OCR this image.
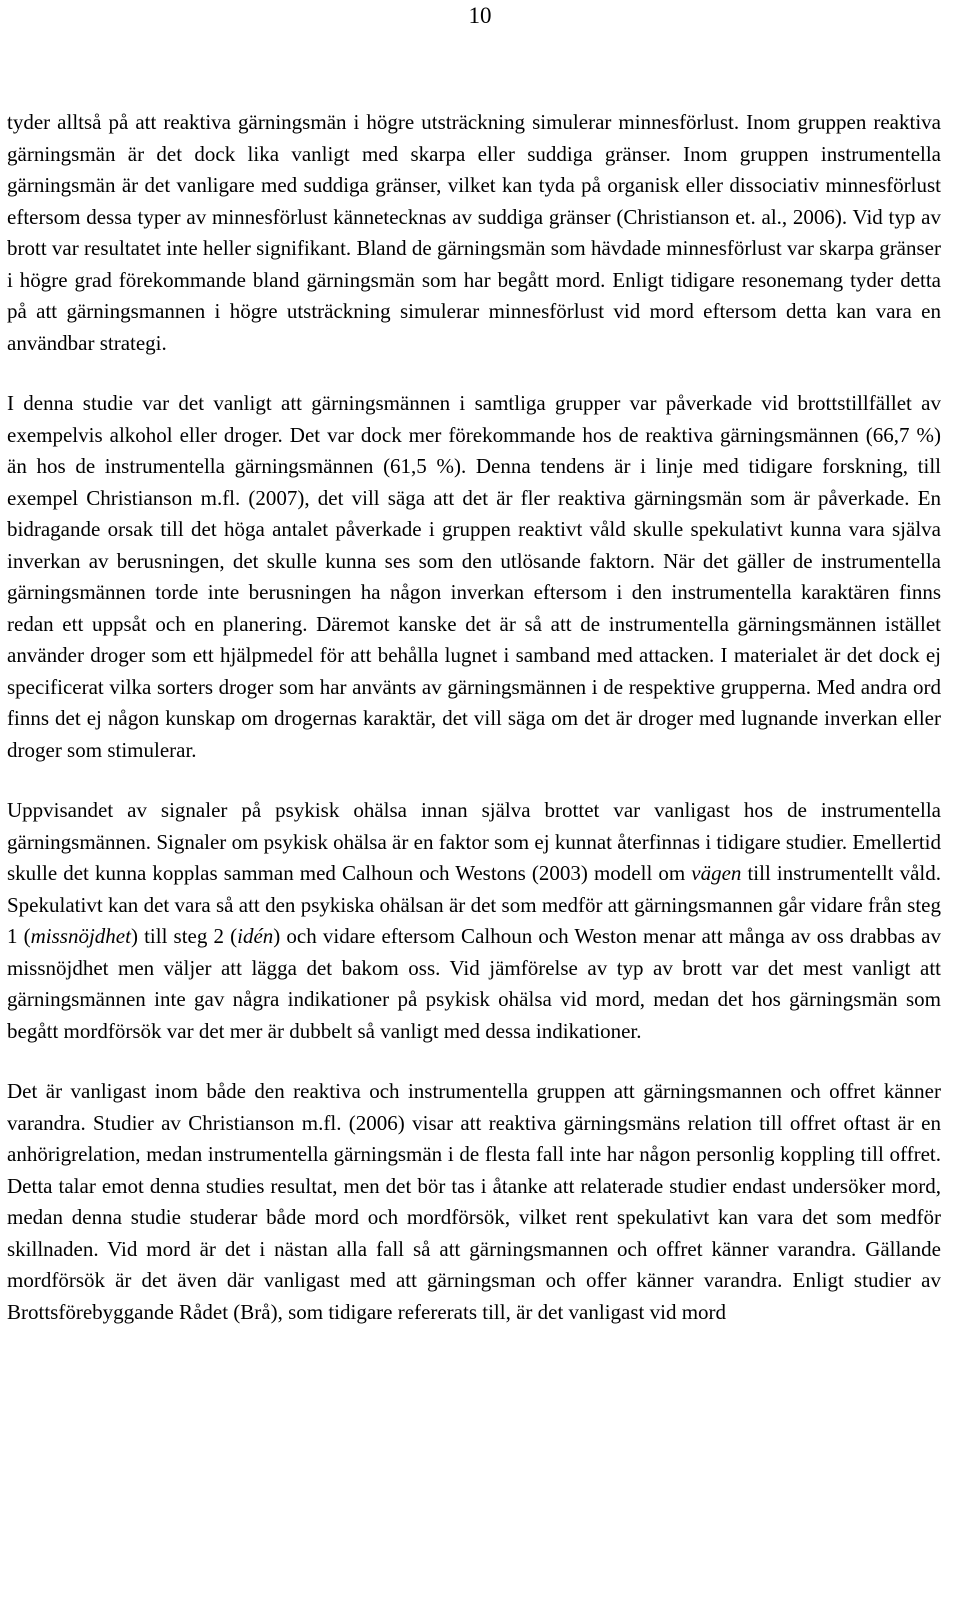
10

tyder alltså på att reaktiva gärningsmän i högre utsträckning simulerar minnesförlust. Inom gruppen reaktiva gärningsmän är det dock lika vanligt med skarpa eller suddiga gränser. Inom gruppen instrumentella gärningsmän är det vanligare med suddiga gränser, vilket kan tyda på organisk eller dissociativ minnesförlust eftersom dessa typer av minnesförlust kännetecknas av suddiga gränser (Christianson et. al., 2006). Vid typ av brott var resultatet inte heller signifikant. Bland de gärningsmän som hävdade minnesförlust var skarpa gränser i högre grad förekommande bland gärningsmän som har begått mord. Enligt tidigare resonemang tyder detta på att gärningsmannen i högre utsträckning simulerar minnesförlust vid mord eftersom detta kan vara en användbar strategi.

I denna studie var det vanligt att gärningsmännen i samtliga grupper var påverkade vid brottstillfället av exempelvis alkohol eller droger. Det var dock mer förekommande hos de reaktiva gärningsmännen (66,7 %) än hos de instrumentella gärningsmännen (61,5 %). Denna tendens är i linje med tidigare forskning, till exempel Christianson m.fl. (2007), det vill säga att det är fler reaktiva gärningsmän som är påverkade. En bidragande orsak till det höga antalet påverkade i gruppen reaktivt våld skulle spekulativt kunna vara själva inverkan av berusningen, det skulle kunna ses som den utlösande faktorn. När det gäller de instrumentella gärningsmännen torde inte berusningen ha någon inverkan eftersom i den instrumentella karaktären finns redan ett uppsåt och en planering. Däremot kanske det är så att de instrumentella gärningsmännen istället använder droger som ett hjälpmedel för att behålla lugnet i samband med attacken. I materialet är det dock ej specificerat vilka sorters droger som har använts av gärningsmännen i de respektive grupperna. Med andra ord finns det ej någon kunskap om drogernas karaktär, det vill säga om det är droger med lugnande inverkan eller droger som stimulerar.

Uppvisandet av signaler på psykisk ohälsa innan själva brottet var vanligast hos de instrumentella gärningsmännen. Signaler om psykisk ohälsa är en faktor som ej kunnat återfinnas i tidigare studier. Emellertid skulle det kunna kopplas samman med Calhoun och Westons (2003) modell om vägen till instrumentellt våld. Spekulativt kan det vara så att den psykiska ohälsan är det som medför att gärningsmannen går vidare från steg 1 (missnöjdhet) till steg 2 (idén) och vidare eftersom Calhoun och Weston menar att många av oss drabbas av missnöjdhet men väljer att lägga det bakom oss. Vid jämförelse av typ av brott var det mest vanligt att gärningsmännen inte gav några indikationer på psykisk ohälsa vid mord, medan det hos gärningsmän som begått mordförsök var det mer är dubbelt så vanligt med dessa indikationer.

Det är vanligast inom både den reaktiva och instrumentella gruppen att gärningsmannen och offret känner varandra. Studier av Christianson m.fl. (2006) visar att reaktiva gärningsmäns relation till offret oftast är en anhörigrelation, medan instrumentella gärningsmän i de flesta fall inte har någon personlig koppling till offret. Detta talar emot denna studies resultat, men det bör tas i åtanke att relaterade studier endast undersöker mord, medan denna studie studerar både mord och mordförsök, vilket rent spekulativt kan vara det som medför skillnaden. Vid mord är det i nästan alla fall så att gärningsmannen och offret känner varandra. Gällande mordförsök är det även där vanligast med att gärningsman och offer känner varandra. Enligt studier av Brottsförebyggande Rådet (Brå), som tidigare refererats till, är det vanligast vid mord
